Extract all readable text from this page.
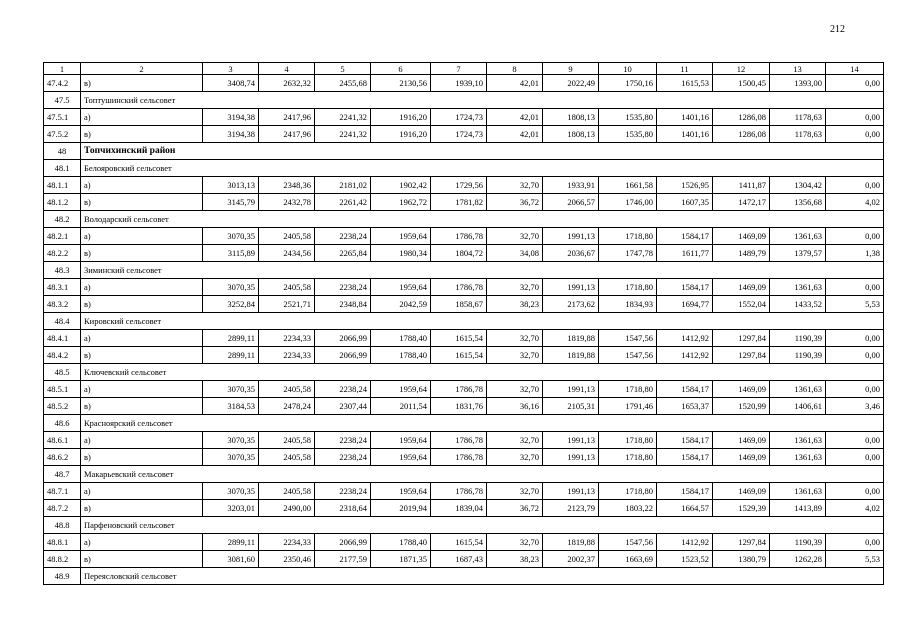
212
1	2	3	4	5	6	7	8	9	10	11	12	13	14
47.4.2	в)	3408,74	2632,32	2455,68	2130,56	1939,10	42,01	2022,49	1750,16	1615,53	1500,45	1393,00	0,00
47.5	Топтушинский сельсовет												
47.5.1	а)	3194,38	2417,96	2241,32	1916,20	1724,73	42,01	1808,13	1535,80	1401,16	1286,08	1178,63	0,00
47.5.2	в)	3194,38	2417,96	2241,32	1916,20	1724,73	42,01	1808,13	1535,80	1401,16	1286,08	1178,63	0,00
48	Топчихинский район												
48.1	Белояровский сельсовет												
48.1.1	а)	3013,13	2348,36	2181,02	1902,42	1729,56	32,70	1933,91	1661,58	1526,95	1411,87	1304,42	0,00
48.1.2	в)	3145,79	2432,78	2261,42	1962,72	1781,82	36,72	2066,57	1746,00	1607,35	1472,17	1356,68	4,02
48.2	Володарский сельсовет												
48.2.1	а)	3070,35	2405,58	2238,24	1959,64	1786,78	32,70	1991,13	1718,80	1584,17	1469,09	1361,63	0,00
48.2.2	в)	3115,89	2434,56	2265,84	1980,34	1804,72	34,08	2036,67	1747,78	1611,77	1489,79	1379,57	1,38
48.3	Зиминский сельсовет												
48.3.1	а)	3070,35	2405,58	2238,24	1959,64	1786,78	32,70	1991,13	1718,80	1584,17	1469,09	1361,63	0,00
48.3.2	в)	3252,84	2521,71	2348,84	2042,59	1858,67	38,23	2173,62	1834,93	1694,77	1552,04	1433,52	5,53
48.4	Кировский сельсовет												
48.4.1	а)	2899,11	2234,33	2066,99	1788,40	1615,54	32,70	1819,88	1547,56	1412,92	1297,84	1190,39	0,00
48.4.2	в)	2899,11	2234,33	2066,99	1788,40	1615,54	32,70	1819,88	1547,56	1412,92	1297,84	1190,39	0,00
48.5	Ключевский сельсовет												
48.5.1	а)	3070,35	2405,58	2238,24	1959,64	1786,78	32,70	1991,13	1718,80	1584,17	1469,09	1361,63	0,00
48.5.2	в)	3184,53	2478,24	2307,44	2011,54	1831,76	36,16	2105,31	1791,46	1653,37	1520,99	1406,61	3,46
48.6	Красноярский сельсовет												
48.6.1	а)	3070,35	2405,58	2238,24	1959,64	1786,78	32,70	1991,13	1718,80	1584,17	1469,09	1361,63	0,00
48.6.2	в)	3070,35	2405,58	2238,24	1959,64	1786,78	32,70	1991,13	1718,80	1584,17	1469,09	1361,63	0,00
48.7	Макарьевский сельсовет												
48.7.1	а)	3070,35	2405,58	2238,24	1959,64	1786,78	32,70	1991,13	1718,80	1584,17	1469,09	1361,63	0,00
48.7.2	в)	3203,01	2490,00	2318,64	2019,94	1839,04	36,72	2123,79	1803,22	1664,57	1529,39	1413,89	4,02
48.8	Парфеновский сельсовет												
48.8.1	а)	2899,11	2234,33	2066,99	1788,40	1615,54	32,70	1819,88	1547,56	1412,92	1297,84	1190,39	0,00
48.8.2	в)	3081,60	2350,46	2177,59	1871,35	1687,43	38,23	2002,37	1663,69	1523,52	1380,79	1262,28	5,53
48.9	Переясловский сельсовет												
